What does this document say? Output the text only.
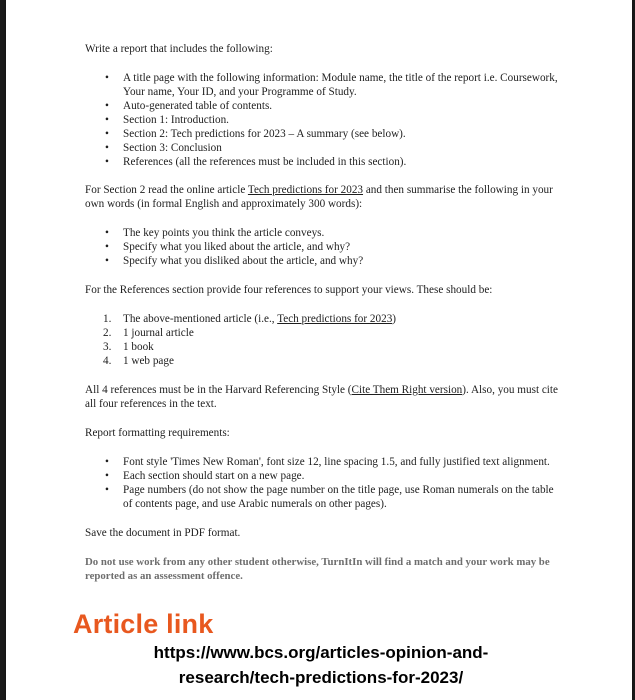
Write a report that includes the following:

• A title page with the following information: Module name, the title of the report i.e. Coursework, Your name, Your ID, and your Programme of Study.
• Auto-generated table of contents.
• Section 1: Introduction.
• Section 2: Tech predictions for 2023 – A summary (see below).
• Section 3: Conclusion
• References (all the references must be included in this section).

For Section 2 read the online article Tech predictions for 2023 and then summarise the following in your own words (in formal English and approximately 300 words):

• The key points you think the article conveys.
• Specify what you liked about the article, and why?
• Specify what you disliked about the article, and why?

For the References section provide four references to support your views. These should be:

1. The above-mentioned article (i.e., Tech predictions for 2023)
2. 1 journal article
3. 1 book
4. 1 web page

All 4 references must be in the Harvard Referencing Style (Cite Them Right version). Also, you must cite all four references in the text.

Report formatting requirements:

• Font style 'Times New Roman', font size 12, line spacing 1.5, and fully justified text alignment.
• Each section should start on a new page.
• Page numbers (do not show the page number on the title page, use Roman numerals on the table of contents page, and use Arabic numerals on other pages).

Save the document in PDF format.

Do not use work from any other student otherwise, TurnItIn will find a match and your work may be reported as an assessment offence.

Article link
https://www.bcs.org/articles-opinion-and-
research/tech-predictions-for-2023/
